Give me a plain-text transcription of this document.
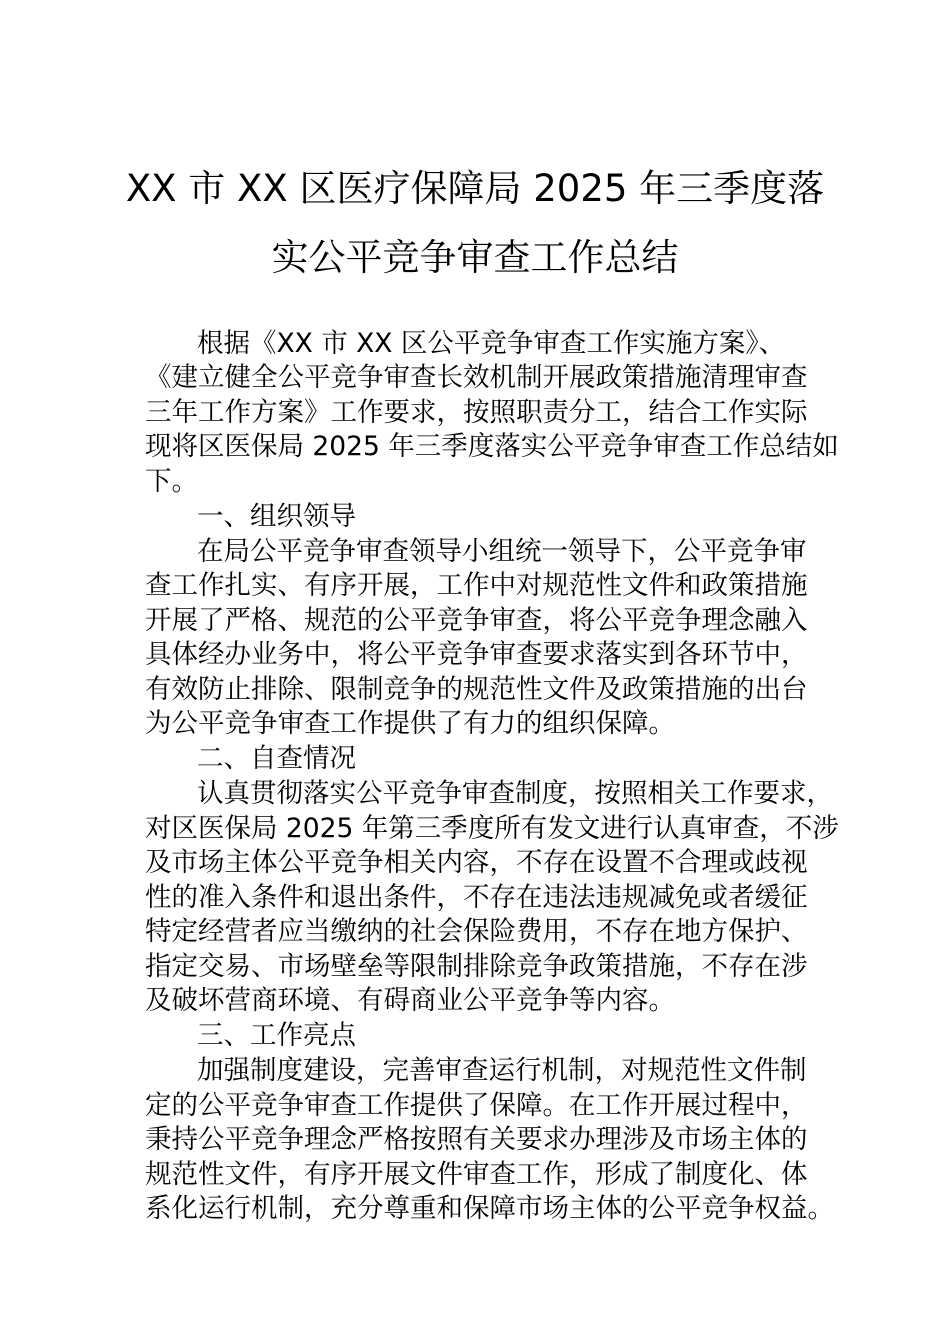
XX 市 XX 区医疗保障局 2025 年三季度落
实公平竞争审查工作总结
根据《XX 市 XX 区公平竞争审查工作实施方案》、
《建立健全公平竞争审查长效机制开展政策措施清理审查
三年工作方案》工作要求，按照职责分工，结合工作实际
现将区医保局 2025 年三季度落实公平竞争审查工作总结如
下。
一、组织领导
在局公平竞争审查领导小组统一领导下，公平竞争审
查工作扎实、有序开展，工作中对规范性文件和政策措施
开展了严格、规范的公平竞争审查，将公平竞争理念融入
具体经办业务中，将公平竞争审查要求落实到各环节中，
有效防止排除、限制竞争的规范性文件及政策措施的出台
为公平竞争审查工作提供了有力的组织保障。
二、自查情况
认真贯彻落实公平竞争审查制度，按照相关工作要求，
对区医保局 2025 年第三季度所有发文进行认真审查，不涉
及市场主体公平竞争相关内容，不存在设置不合理或歧视
性的准入条件和退出条件，不存在违法违规减免或者缓征
特定经营者应当缴纳的社会保险费用，不存在地方保护、
指定交易、市场壁垒等限制排除竞争政策措施，不存在涉
及破坏营商环境、有碍商业公平竞争等内容。
三、工作亮点
加强制度建设，完善审查运行机制，对规范性文件制
定的公平竞争审查工作提供了保障。在工作开展过程中，
秉持公平竞争理念严格按照有关要求办理涉及市场主体的
规范性文件，有序开展文件审查工作，形成了制度化、体
系化运行机制，充分尊重和保障市场主体的公平竞争权益。
